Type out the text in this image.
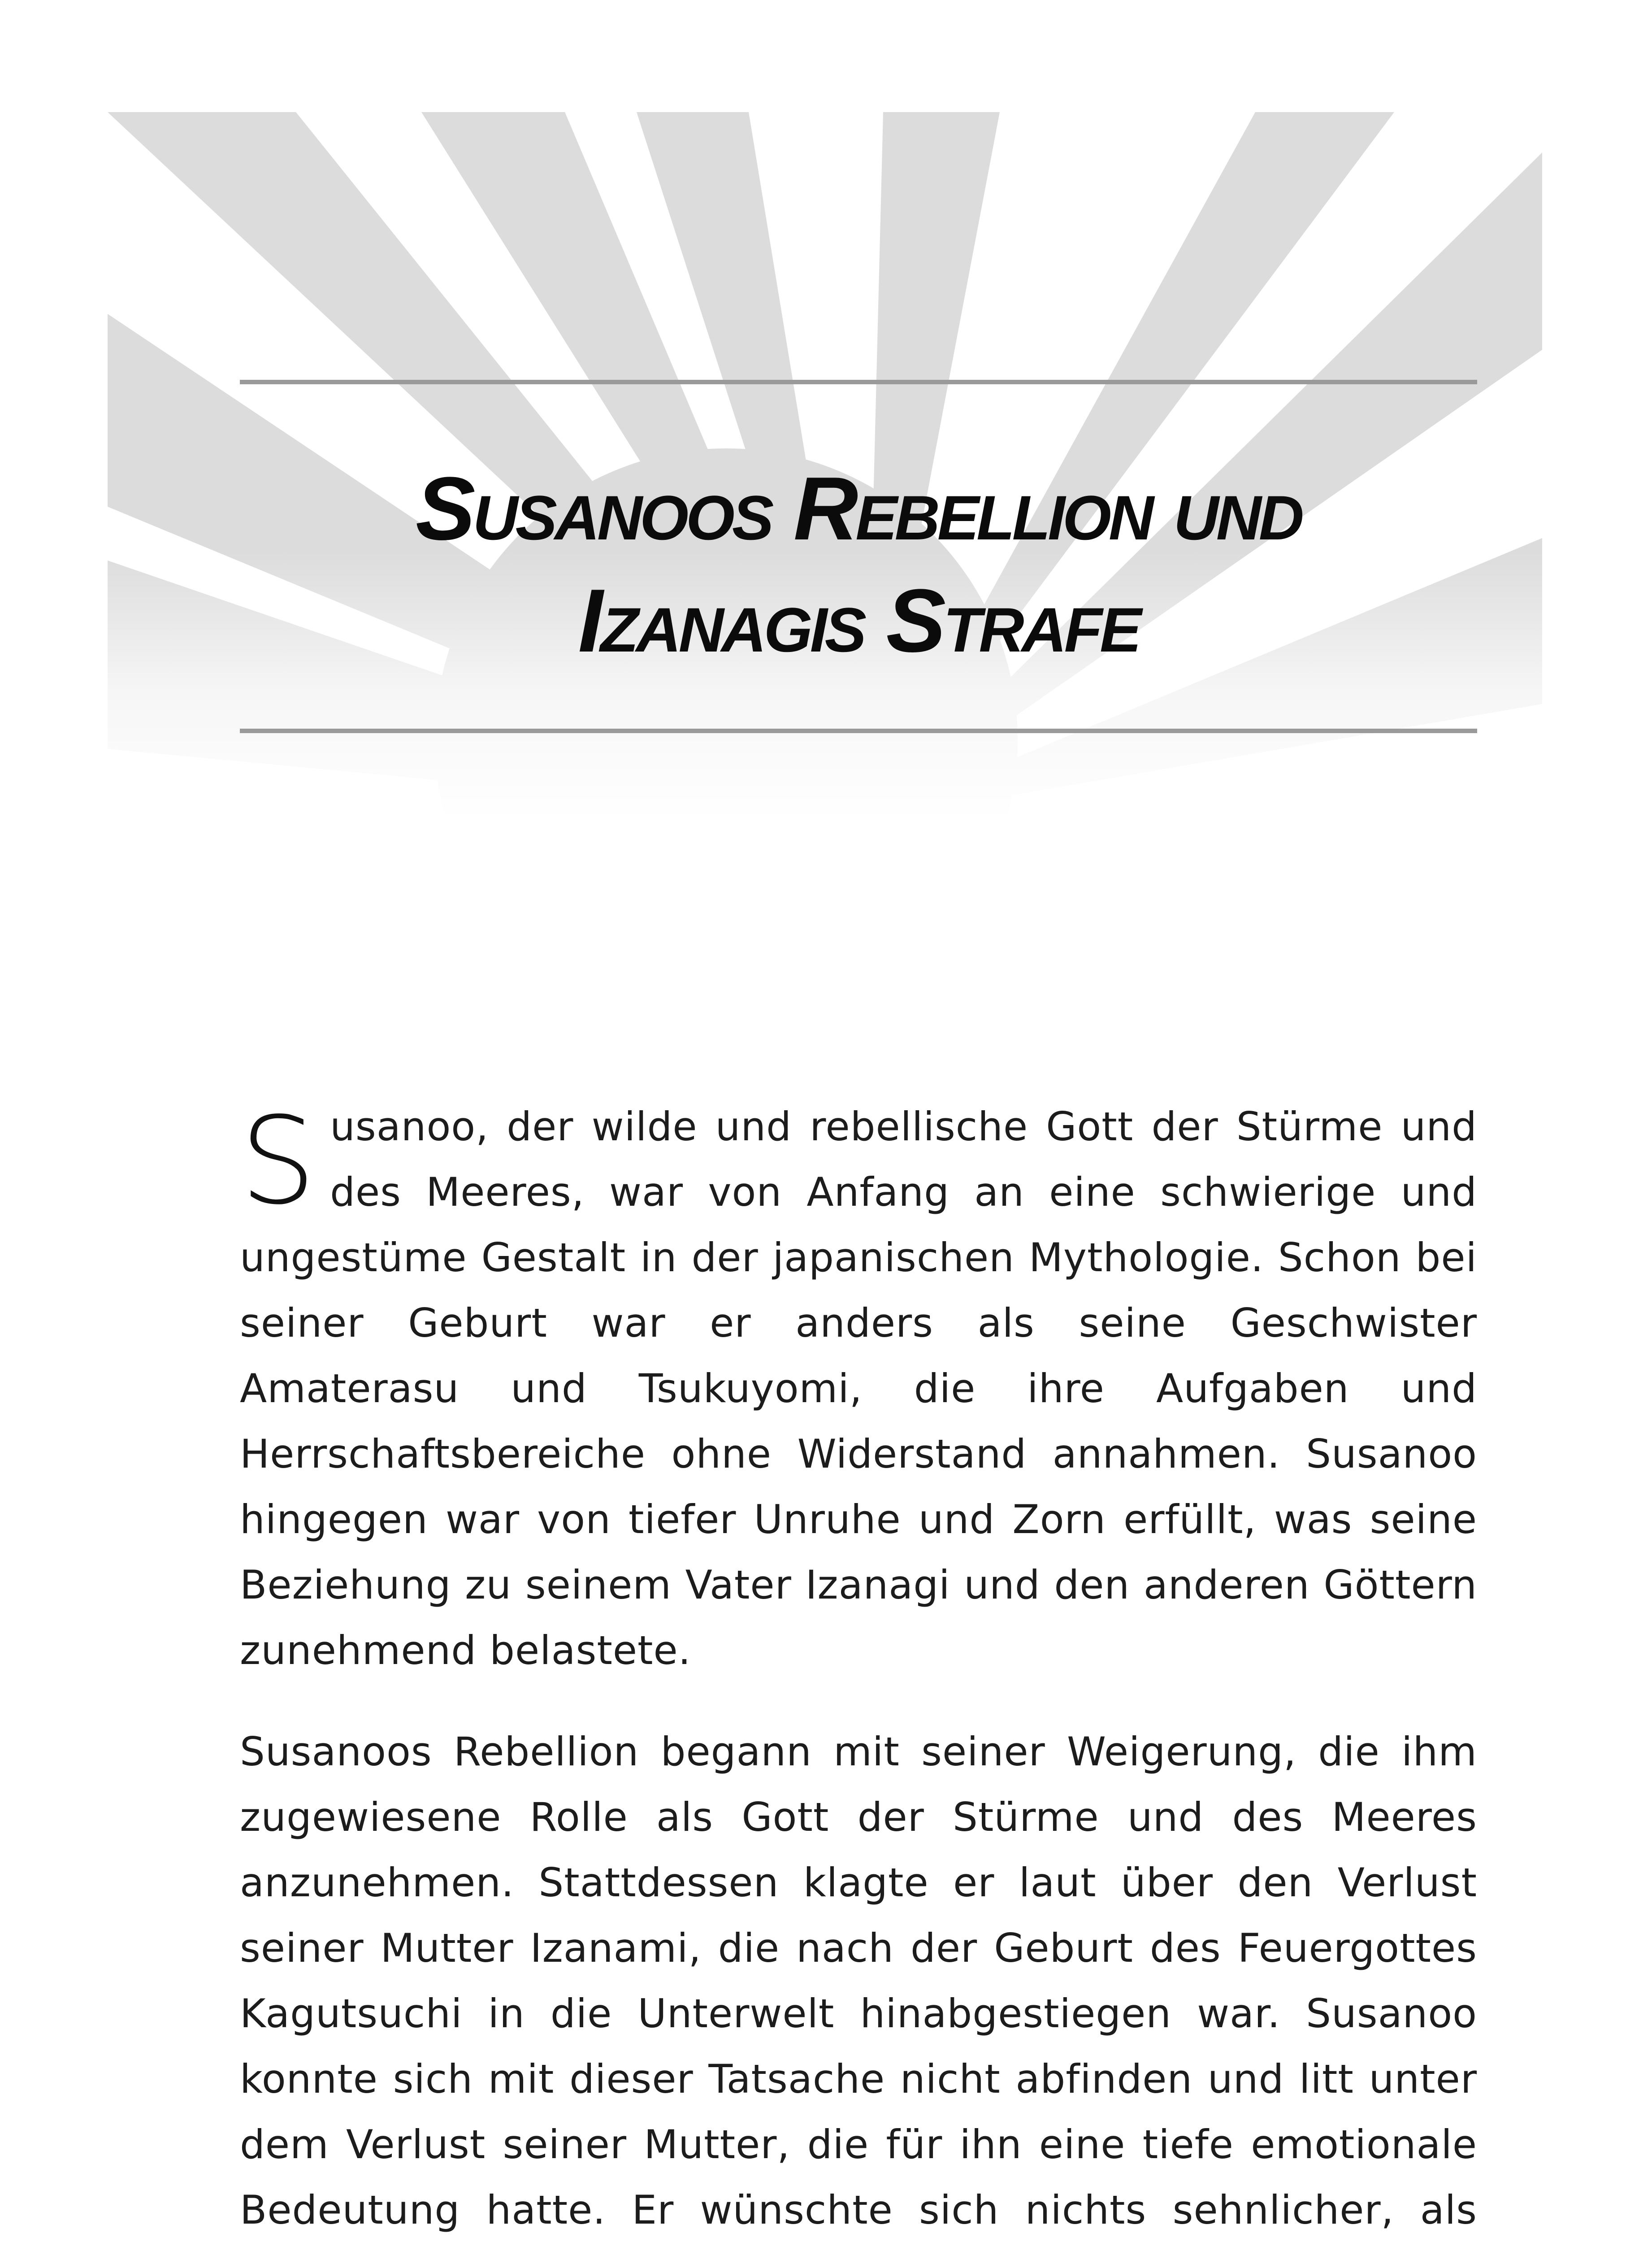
Susanoos Rebellion und
Izanagis Strafe

Susanoo, der wilde und rebellische Gott der Stürme und des Meeres, war von Anfang an eine schwierige und ungestüme Gestalt in der japanischen Mythologie. Schon bei seiner Geburt war er anders als seine Geschwister Amaterasu und Tsukuyomi, die ihre Aufgaben und Herrschaftsbereiche ohne Widerstand annahmen. Susanoo hingegen war von tiefer Unruhe und Zorn erfüllt, was seine Beziehung zu seinem Vater Izanagi und den anderen Göttern zunehmend belastete.

Susanoos Rebellion begann mit seiner Weigerung, die ihm zugewiesene Rolle als Gott der Stürme und des Meeres anzunehmen. Stattdessen klagte er laut über den Verlust seiner Mutter Izanami, die nach der Geburt des Feuergottes Kagutsuchi in die Unterwelt hinabgestiegen war. Susanoo konnte sich mit dieser Tatsache nicht abfinden und litt unter dem Verlust seiner Mutter, die für ihn eine tiefe emotionale Bedeutung hatte. Er wünschte sich nichts sehnlicher, als
